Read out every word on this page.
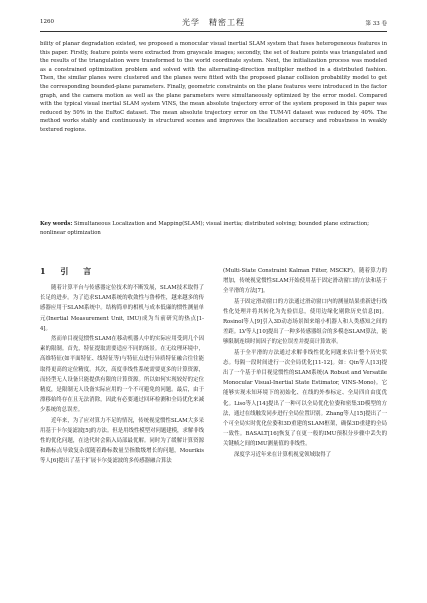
1260	光学　精密工程	第 33 卷

bility of planar degradation existed, we proposed a monocular visual inertial SLAM system that fuses heterogeneous features in this paper. Firstly, feature points were extracted from grayscale images; secondly, the set of feature points was triangulated and the results of the triangulation were transformed to the world coordinate system. Next, the initialization process was modeled as a constrained optimization problem and solved with the alternating-direction multiplier method in a distributed fashion. Then, the similar planes were clustered and the planes were fitted with the proposed planar collision probability model to get the corresponding bounded-plane parameters. Finally, geometric constraints on the plane features were introduced in the factor graph, and the camera motion as well as the plane parameters were simultaneously optimized by the error model. Compared with the typical visual inertial SLAM system VINS, the mean absolute trajectory error of the system proposed in this paper was reduced by 50% in the EuRoC dataset. The mean absolute trajectory error on the TUM-VI dataset was reduced by 40%. The method works stably and continuously in structured scenes and improves the localization accuracy and robustness in weakly textured regions.

Key words: Simultaneous Localization and Mapping(SLAM); visual inertia; distributed solving; bounded plane extraction; nonlinear optimization
1 引 言

随着计算平台与传感器定位技术的不断发展，SLAM技术取得了长足的进步。为了追求SLAM系统的收敛性与鲁棒性，越来越多的传感器应用于SLAM系统中。结构简单的相机与成本低廉的惯性测量单元(Inertial Measurement Unit, IMU)成为当前研究的热点[1-4]。

然而单目视觉惯性SLAM在移动机器人中的实际应用受到几个因素的限制。首先，特征提取需要适应不同的场景。在无纹理环境中，高维特征(如平面特征、线特征等)与特征点进行异质特征融合往往能取得更高的定位精度。其次，高度非线性系统需要更多的计算资源，而轻型无人设备只能提供有限的计算资源。所以如何实现较好的定位精度，是限制无人设备实际应用的一个不可避免的问题。最后，由于漂移始终存在且无法消除，因此有必要通过回环检测和全局优化来减少系统的总误差。

近年来，为了应对算力不足的情况，传统视觉惯性SLAM大多采用基于卡尔曼滤波[5]的方法。但是用线性模型对问题建模，求解非线性的优化问题，在迭代时会陷入局部最优解。同时为了缓解计算资源和路标点导致复杂度随着路标数量呈指数级增长的问题，Mourikis等人[6]提出了基于扩展卡尔曼滤波的多传感器融合算法

(Multi-State Constraint Kalman Filter, MSCKF)。随着算力的增加，传统视觉惯性SLAM开始使用基于固定滑动窗口的方法和基于全平滑的方法[7]。

基于固定滑动窗口的方法通过滑动窗口内的测量结果重新进行线性化处理并将其转化为先验信息，使用边缘化剔除历史信息[8]。Rosinol等人[9]引入3D动态场景图来缩小机器人和人类感知之间的差距。LV等人[10]提出了一种多传感器组合的多模态SLAM算法，能够限制连续时间因子的定位误差并提高计算效率。

基于全平滑的方法通过求解非线性优化问题来估计整个历史状态。每隔一段时间进行一次全局优化[11-12]。如：Qin等人[13]提出了一个基于单目视觉惯性的SLAM系统(A Robust and Versatile Monocular Visual-Inertial State Estimator, VINS-Mono)。它能够实现未知环境下的初始化、在线的外参标定、全局四自由度优化。Liso等人[14]提出了一种可以全局优化位姿和密集3D模型的方法，通过在线触发同步进行全局位置识别。Zhang等人[15]提出了一个可全局实时优化位姿和3D重建的SLAM框架，确保3D重建的全局一致性。BASALT[16]恢复了在更一般的IMU预积分步骤中丢失的关键帧之间的IMU测量值的非线性。

深度学习近年来在计算机视觉领域取得了
